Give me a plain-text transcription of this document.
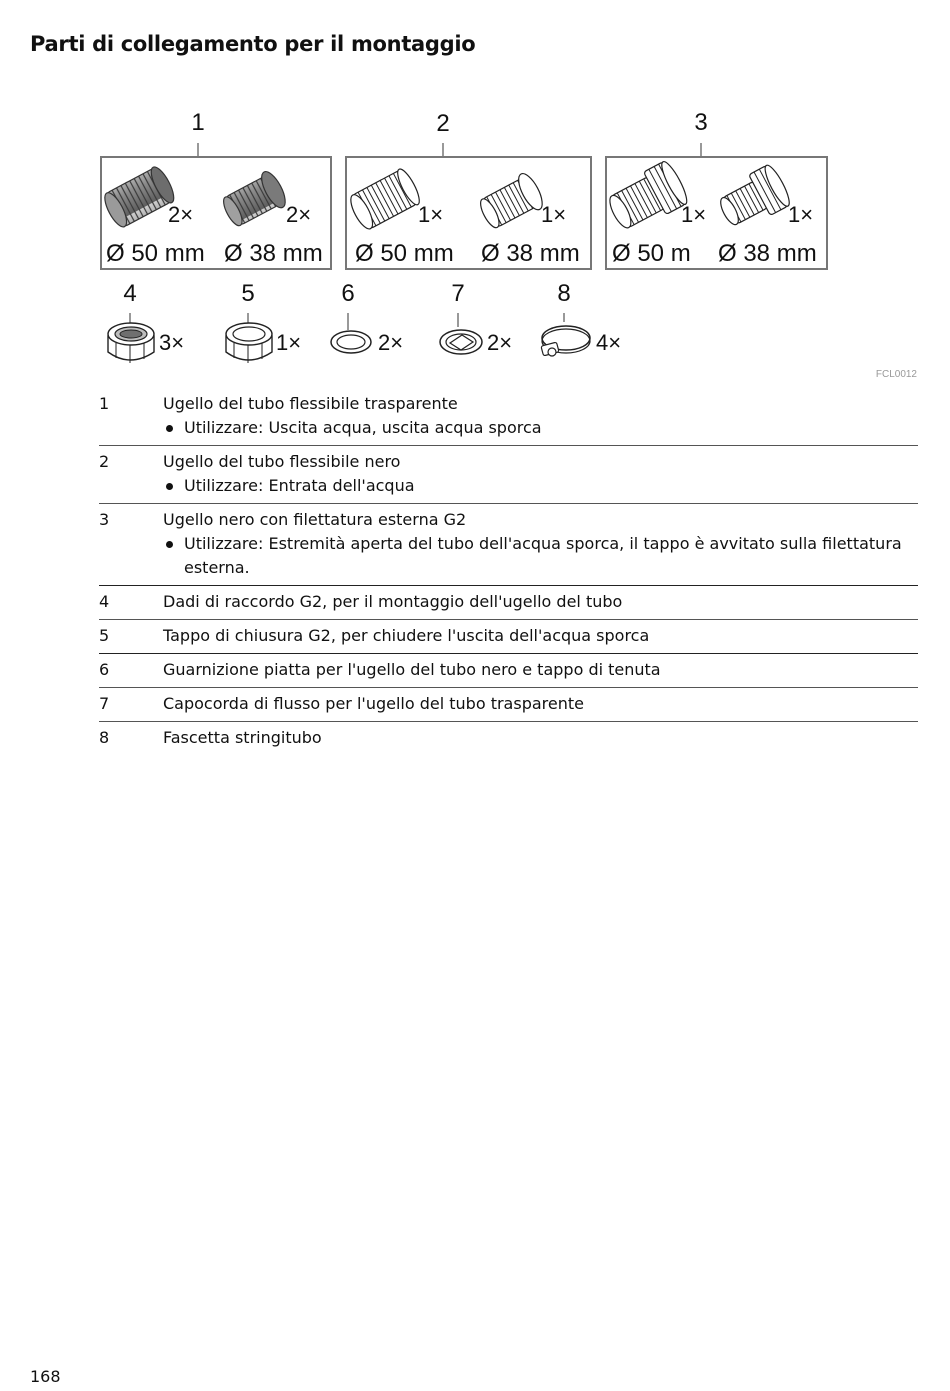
Parti di collegamento per il montaggio
1	2	3
4	5	6	7	8
2×	2×
Ø 50 mm Ø 38 mm
1×	1×
Ø 50 mm Ø 38 mm
1×	1×
Ø 50 m Ø 38 mm
3×	1×	2×	2×	4×
FCL0012
1	Ugello del tubo flessibile trasparente
Utilizzare: Uscita acqua, uscita acqua sporca
2	Ugello del tubo flessibile nero
Utilizzare: Entrata dell'acqua
3	Ugello nero con filettatura esterna G2
Utilizzare: Estremità aperta del tubo dell'acqua sporca, il tappo è avvitato sulla filettatura esterna.
4	Dadi di raccordo G2, per il montaggio dell'ugello del tubo
5	Tappo di chiusura G2, per chiudere l'uscita dell'acqua sporca
6	Guarnizione piatta per l'ugello del tubo nero e tappo di tenuta
7	Capocorda di flusso per l'ugello del tubo trasparente
8	Fascetta stringitubo
168
